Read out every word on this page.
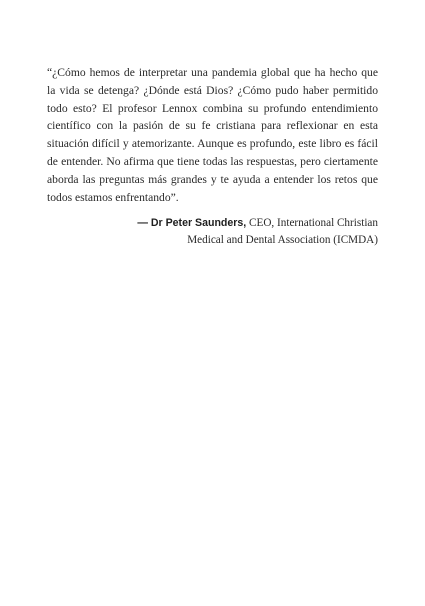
“¿Cómo hemos de interpretar una pandemia global que ha hecho que la vida se detenga? ¿Dónde está Dios? ¿Cómo pudo haber permitido todo esto? El profesor Lennox combina su profundo entendimiento científico con la pasión de su fe cristiana para reflexionar en esta situación difícil y atemorizante. Aunque es profundo, este libro es fácil de entender. No afirma que tiene todas las respuestas, pero ciertamente aborda las preguntas más grandes y te ayuda a entender los retos que todos estamos enfrentando”.

— Dr Peter Saunders, CEO, International Christian
Medical and Dental Association (ICMDA)
